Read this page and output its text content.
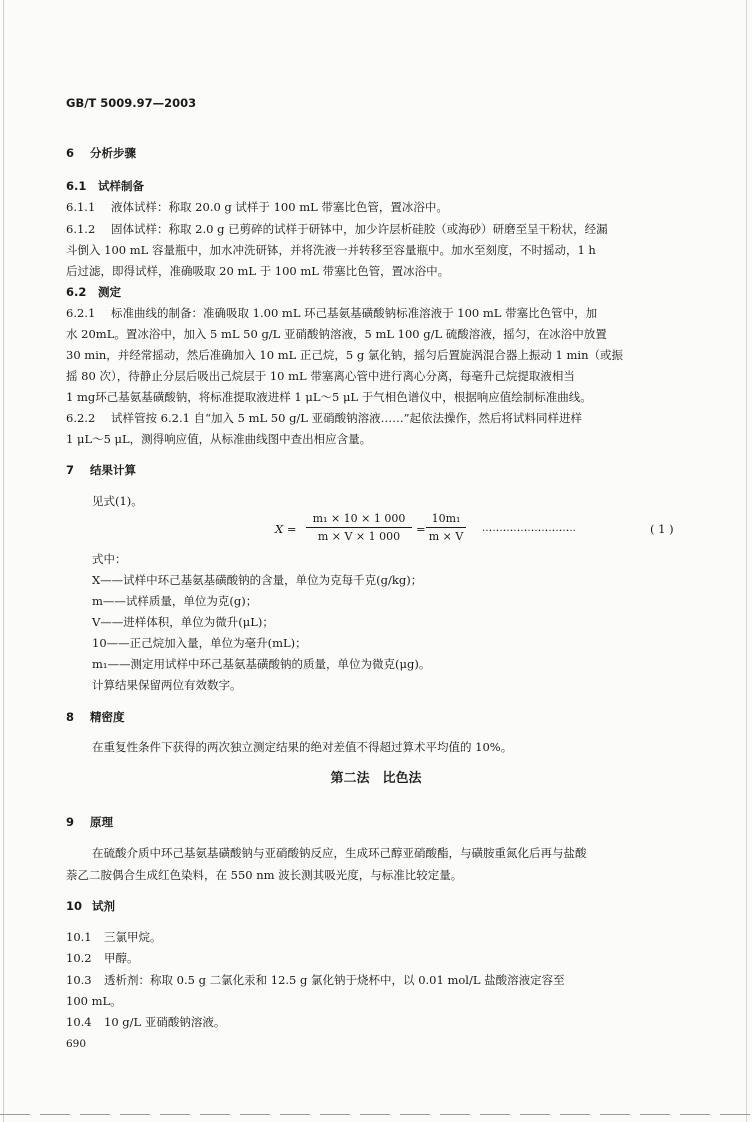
GB/T 5009.97—2003
6 分析步骤
6.1 试样制备
6.1.1 液体试样：称取 20.0 g 试样于 100 mL 带塞比色管，置冰浴中。
6.1.2 固体试样：称取 2.0 g 已剪碎的试样于研钵中，加少许层析硅胶（或海砂）研磨至呈干粉状，经漏
斗倒入 100 mL 容量瓶中，加水冲洗研钵，并将洗液一并转移至容量瓶中。加水至刻度，不时摇动，1 h
后过滤，即得试样，准确吸取 20 mL 于 100 mL 带塞比色管，置冰浴中。
6.2 测定
6.2.1 标准曲线的制备：准确吸取 1.00 mL 环己基氨基磺酸钠标准溶液于 100 mL 带塞比色管中，加
水 20mL。置冰浴中，加入 5 mL 50 g/L 亚硝酸钠溶液，5 mL 100 g/L 硫酸溶液，摇匀，在冰浴中放置
30 min，并经常摇动，然后准确加入 10 mL 正己烷，5 g 氯化钠，摇匀后置旋涡混合器上振动 1 min（或振
摇 80 次），待静止分层后吸出己烷层于 10 mL 带塞离心管中进行离心分离，每毫升己烷提取液相当
1 mg环己基氨基磺酸钠，将标准提取液进样 1 μL～5 μL 于气相色谱仪中，根据响应值绘制标准曲线。
6.2.2 试样管按 6.2.1 自“加入 5 mL 50 g/L 亚硝酸钠溶液……”起依法操作，然后将试料同样进样
1 μL～5 μL，测得响应值，从标准曲线图中查出相应含量。
7 结果计算
见式(1)。
X =
m₁ × 10 × 1 000
m × V × 1 000
=
10m₁
m × V
…………………………………	( 1 )
式中：
X——试样中环己基氨基磺酸钠的含量，单位为克每千克(g/kg)；
m——试样质量，单位为克(g)；
V——进样体积，单位为微升(μL)；
10——正己烷加入量，单位为毫升(mL)；
m₁——测定用试样中环己基氨基磺酸钠的质量，单位为微克(μg)。
计算结果保留两位有效数字。
8 精密度
在重复性条件下获得的两次独立测定结果的绝对差值不得超过算术平均值的 10%。
第二法　比色法
9 原理
在硫酸介质中环己基氨基磺酸钠与亚硝酸钠反应，生成环己醇亚硝酸酯，与磺胺重氮化后再与盐酸
萘乙二胺偶合生成红色染料，在 550 nm 波长测其吸光度，与标准比较定量。
10 试剂
10.1 三氯甲烷。
10.2 甲醇。
10.3 透析剂：称取 0.5 g 二氯化汞和 12.5 g 氯化钠于烧杯中，以 0.01 mol/L 盐酸溶液定容至
100 mL。
10.4 10 g/L 亚硝酸钠溶液。
690
